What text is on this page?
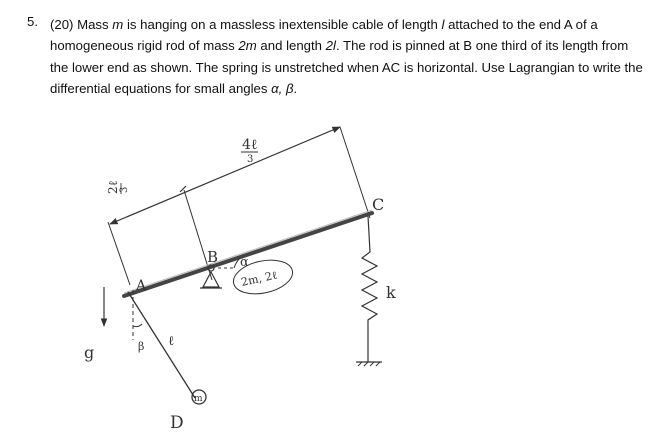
5. (20) Mass m is hanging on a massless inextensible cable of length l attached to the end A of a homogeneous rigid rod of mass 2m and length 2l. The rod is pinned at B one third of its length from the lower end as shown. The spring is unstretched when AC is horizontal. Use Lagrangian to write the differential equations for small angles α, β.
2ℓ 3
4ℓ
3
A
B
C
D
α
2m, 2ℓ
β ℓ
m
k
g
